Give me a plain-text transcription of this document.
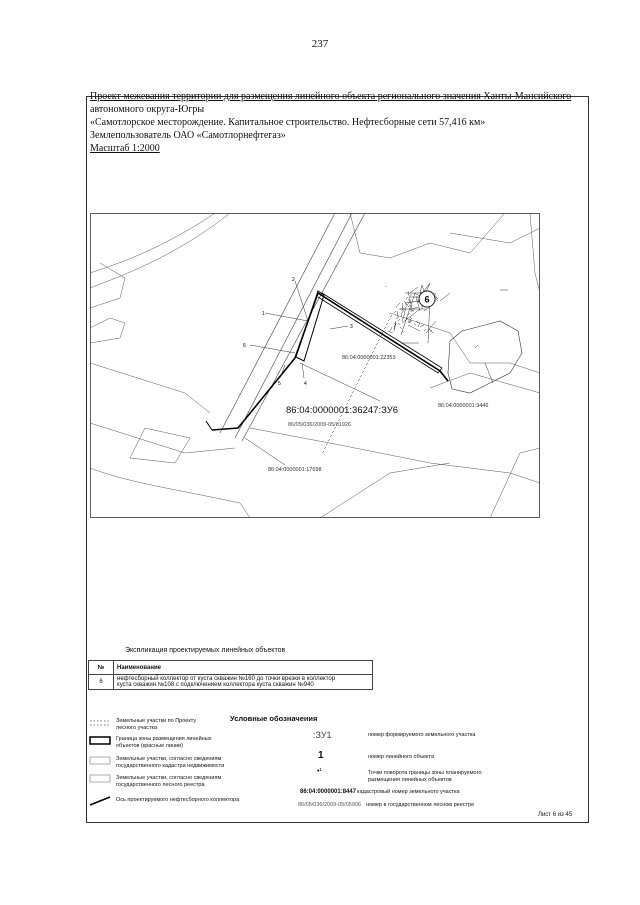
237
Проект межевания территории для размещения линейного объекта регионального значения Ханты-Мансийского
автономного округа-Югры
«Самотлорское месторождение. Капитальное строительство. Нефтесборные сети 57,416 км»
Землепользователь ОАО «Самотлорнефтегаз»
Масштаб 1:2000
86:04:0000001:36247:ЗУ6
86/05/036/2009-05/01926
86:04:0000001:22353
86:04:0000001:17698
86:04:0000001:9446
6
1
2
3
4
5
6
Экспликация проектируемых линейных объектов
№	Наименование
6	нефтесборный коллектор от куста скважин №160 до точки врезки в коллектор
куста скважин №108 с подключением коллектора куста скважин №940
Условные обозначения
Земельные участки по Проекту
лесного участка
Граница зоны размещения линейных
объектов (красные линии)
Земельные участки, согласно сведениям
государственного кадастра недвижимости
Земельные участки, согласно сведениям
государственного лесного реестра
Ось проектируемого нефтесборного коллектора
:ЗУ1	номер формируемого земельного участка
1	номер линейного объекта
•¹	Точки поворота границы зоны планируемого
размещения линейных объектов
86:04:0000001:8447 кадастровый номер земельного участка
86/05/036/2009-05/05906 номер в государственном лесном реестре
Лист 6 из 45
